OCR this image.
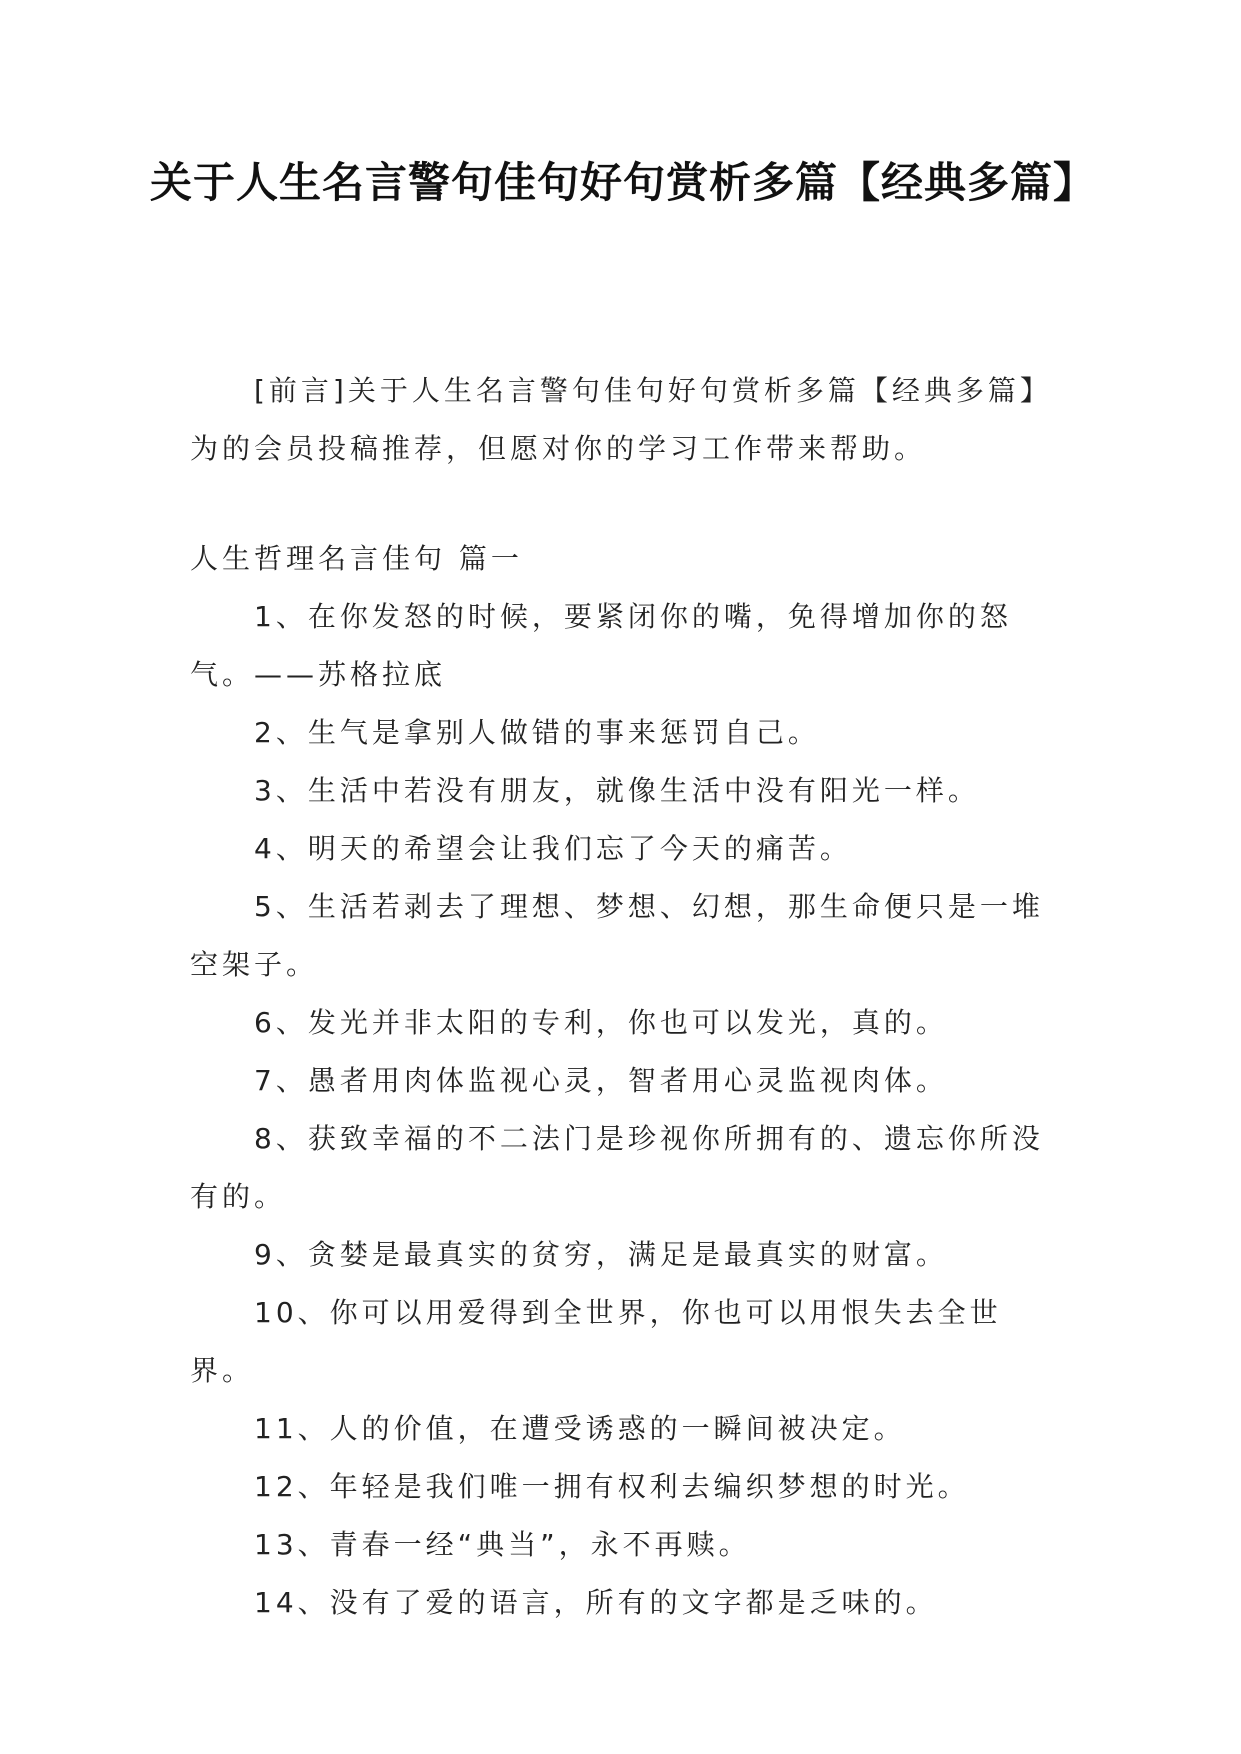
关于人生名言警句佳句好句赏析多篇【经典多篇】

[前言]关于人生名言警句佳句好句赏析多篇【经典多篇】为的会员投稿推荐，但愿对你的学习工作带来帮助。

人生哲理名言佳句 篇一

1、在你发怒的时候，要紧闭你的嘴，免得增加你的怒气。——苏格拉底
2、生气是拿别人做错的事来惩罚自己。
3、生活中若没有朋友，就像生活中没有阳光一样。
4、明天的希望会让我们忘了今天的痛苦。
5、生活若剥去了理想、梦想、幻想，那生命便只是一堆空架子。
6、发光并非太阳的专利，你也可以发光，真的。
7、愚者用肉体监视心灵，智者用心灵监视肉体。
8、获致幸福的不二法门是珍视你所拥有的、遗忘你所没有的。
9、贪婪是最真实的贫穷，满足是最真实的财富。
10、你可以用爱得到全世界，你也可以用恨失去全世界。
11、人的价值，在遭受诱惑的一瞬间被决定。
12、年轻是我们唯一拥有权利去编织梦想的时光。
13、青春一经“典当”，永不再赎。
14、没有了爱的语言，所有的文字都是乏味的。
